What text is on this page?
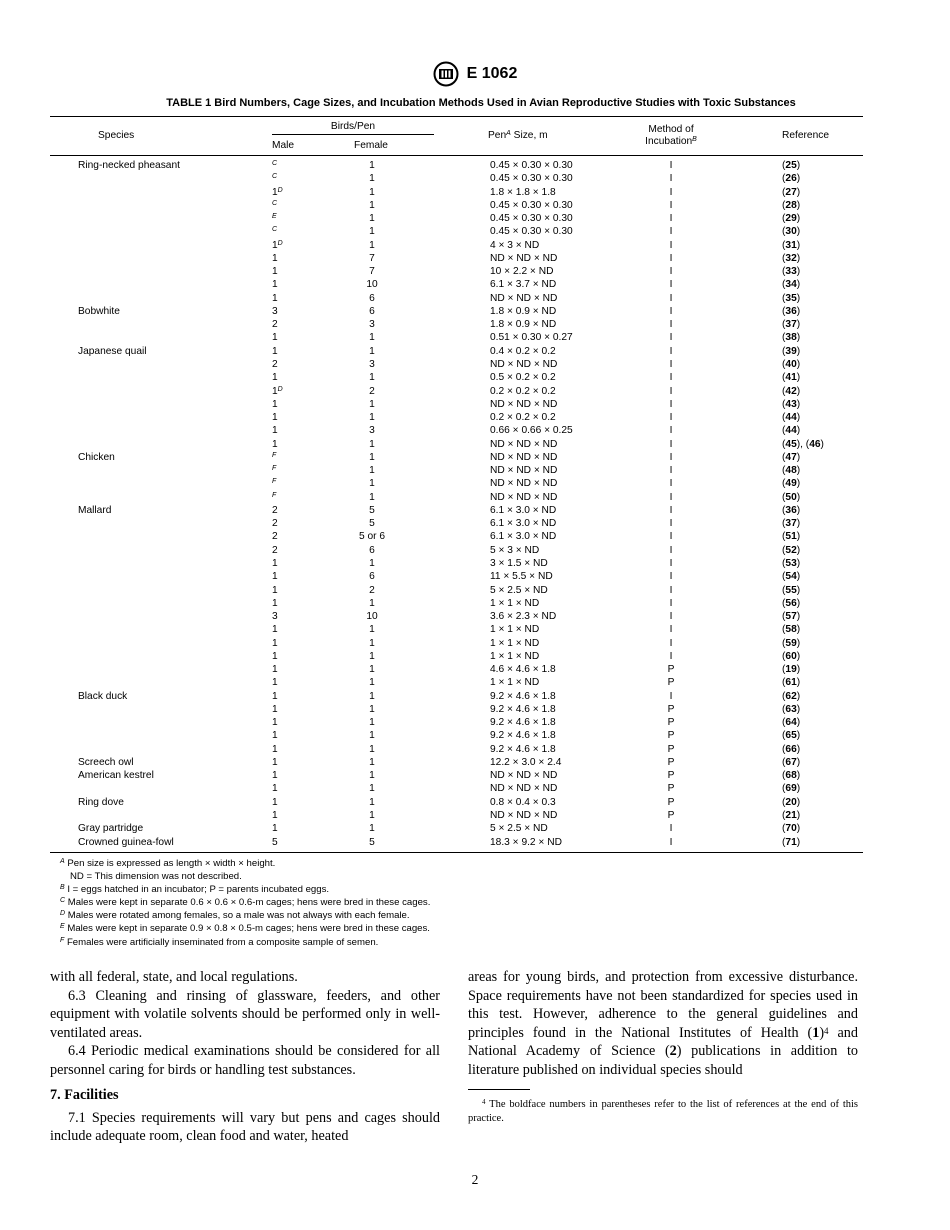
E 1062
TABLE 1 Bird Numbers, Cage Sizes, and Incubation Methods Used in Avian Reproductive Studies with Toxic Substances
Species
Birds/Pen
Male	Female
Pen$^A$ Size, m
Method of
Incubation$^B$	Reference
Ring-necked pheasant	$^C$	1	0.45 × 0.30 × 0.30	I	(25)
$^C$	1	0.45 × 0.30 × 0.30	I	(26)
$1^D$	1	1.8 × 1.8 × 1.8	I	(27)
$^C$	1	0.45 × 0.30 × 0.30	I	(28)
$^E$	1	0.45 × 0.30 × 0.30	I	(29)
$^C$	1	0.45 × 0.30 × 0.30	I	(30)
$1^D$	1	4 × 3 × ND	I	(31)
1	7	ND × ND × ND	I	(32)
1	7	10 × 2.2 × ND	I	(33)
1	10	6.1 × 3.7 × ND	I	(34)
1	6	ND × ND × ND	I	(35)
Bobwhite	3	6	1.8 × 0.9 × ND	I	(36)
2	3	1.8 × 0.9 × ND	I	(37)
1	1	0.51 × 0.30 × 0.27	I	(38)
Japanese quail	1	1	0.4 × 0.2 × 0.2	I	(39)
2	3	ND × ND × ND	I	(40)
1	1	0.5 × 0.2 × 0.2	I	(41)
$1^D$	2	0.2 × 0.2 × 0.2	I	(42)
1	1	ND × ND × ND	I	(43)
1	1	0.2 × 0.2 × 0.2	I	(44)
1	3	0.66 × 0.66 × 0.25	I	(44)
1	1	ND × ND × ND	I	(45), (46)
Chicken	$^F$	1	ND × ND × ND	I	(47)
$^F$	1	ND × ND × ND	I	(48)
$^F$	1	ND × ND × ND	I	(49)
$^F$	1	ND × ND × ND	I	(50)
Mallard	2	5	6.1 × 3.0 × ND	I	(36)
2	5	6.1 × 3.0 × ND	I	(37)
2	5 or 6	6.1 × 3.0 × ND	I	(51)
2	6	5 × 3 × ND	I	(52)
1	1	3 × 1.5 × ND	I	(53)
1	6	11 × 5.5 × ND	I	(54)
1	2	5 × 2.5 × ND	I	(55)
1	1	1 × 1 × ND	I	(56)
3	10	3.6 × 2.3 × ND	I	(57)
1	1	1 × 1 × ND	I	(58)
1	1	1 × 1 × ND	I	(59)
1	1	1 × 1 × ND	I	(60)
1	1	4.6 × 4.6 × 1.8	P	(19)
1	1	1 × 1 × ND	P	(61)
Black duck	1	1	9.2 × 4.6 × 1.8	I	(62)
1	1	9.2 × 4.6 × 1.8	P	(63)
1	1	9.2 × 4.6 × 1.8	P	(64)
1	1	9.2 × 4.6 × 1.8	P	(65)
1	1	9.2 × 4.6 × 1.8	P	(66)
Screech owl	1	1	12.2 × 3.0 × 2.4	P	(67)
American kestrel	1	1	ND × ND × ND	P	(68)
1	1	ND × ND × ND	P	(69)
Ring dove	1	1	0.8 × 0.4 × 0.3	P	(20)
1	1	ND × ND × ND	P	(21)
Gray partridge	1	1	5 × 2.5 × ND	I	(70)
Crowned guinea-fowl	5	5	18.3 × 9.2 × ND	I	(71)
$^A$ Pen size is expressed as length × width × height.
ND = This dimension was not described.
$^B$ I = eggs hatched in an incubator; P = parents incubated eggs.
$^C$ Males were kept in separate 0.6 × 0.6 × 0.6-m cages; hens were bred in these cages.
$^D$ Males were rotated among females, so a male was not always with each female.
$^E$ Males were kept in separate 0.9 × 0.8 × 0.5-m cages; hens were bred in these cages.
$^F$ Females were artificially inseminated from a composite sample of semen.

with all federal, state, and local regulations.

6.3 Cleaning and rinsing of glassware, feeders, and other equipment with volatile solvents should be performed only in well-ventilated areas.

6.4 Periodic medical examinations should be considered for all personnel caring for birds or handling test substances.

7. Facilities

7.1 Species requirements will vary but pens and cages should include adequate room, clean food and water, heated

areas for young birds, and protection from excessive disturbance. Space requirements have not been standardized for species used in this test. However, adherence to the general guidelines and principles found in the National Institutes of Health $(1)^4$ and National Academy of Science (2) publications in addition to literature published on individual species should

$^4$ The boldface numbers in parentheses refer to the list of references at the end of this practice.

2
